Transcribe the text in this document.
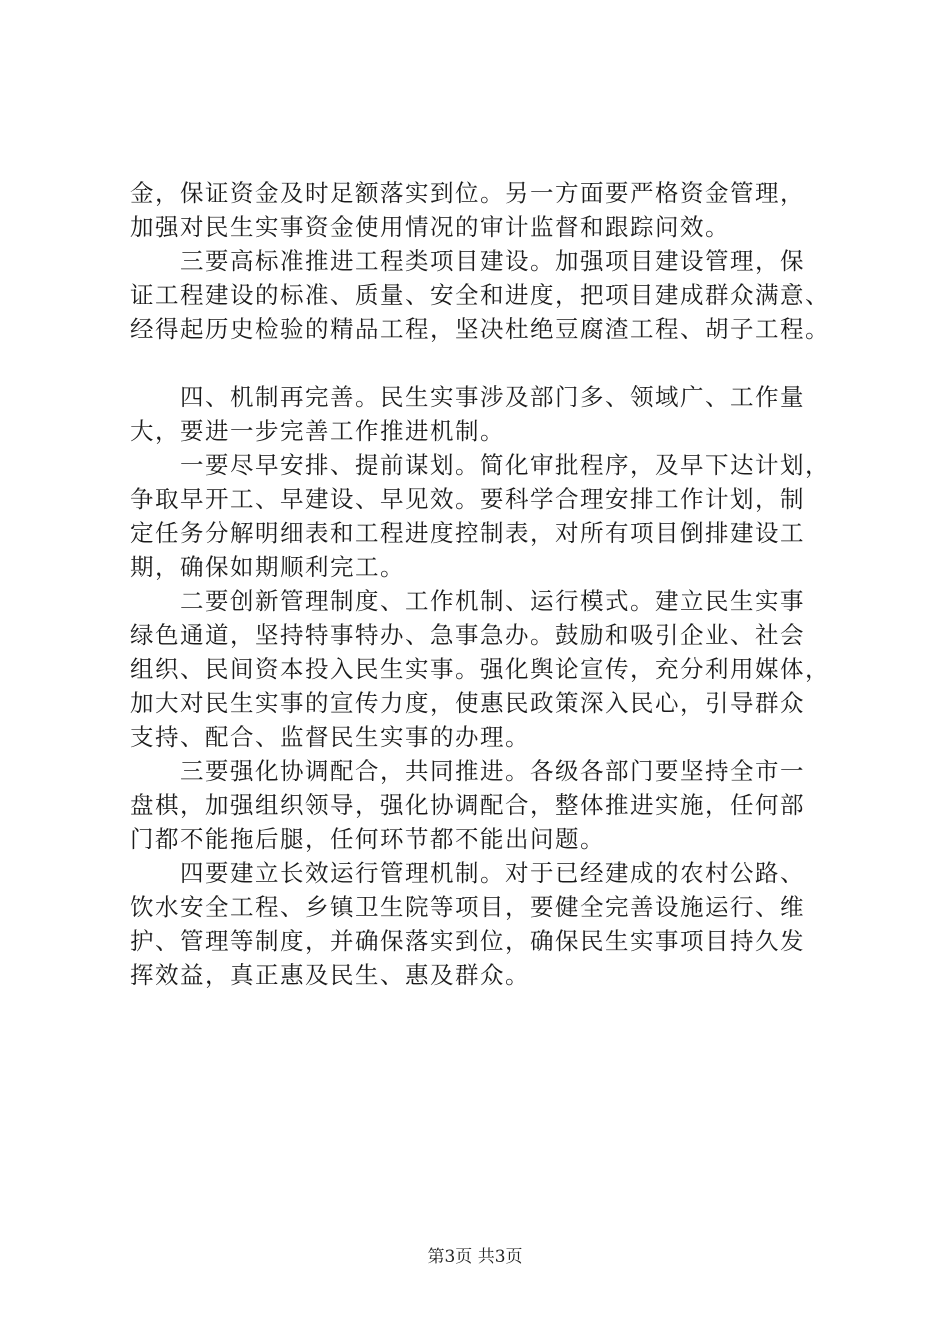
金，保证资金及时足额落实到位。另一方面要严格资金管理，
加强对民生实事资金使用情况的审计监督和跟踪问效。
三要高标准推进工程类项目建设。加强项目建设管理，保
证工程建设的标准、质量、安全和进度，把项目建成群众满意、
经得起历史检验的精品工程，坚决杜绝豆腐渣工程、胡子工程。
四、机制再完善。民生实事涉及部门多、领域广、工作量
大，要进一步完善工作推进机制。
一要尽早安排、提前谋划。简化审批程序，及早下达计划，
争取早开工、早建设、早见效。要科学合理安排工作计划，制
定任务分解明细表和工程进度控制表，对所有项目倒排建设工
期，确保如期顺利完工。
二要创新管理制度、工作机制、运行模式。建立民生实事
绿色通道，坚持特事特办、急事急办。鼓励和吸引企业、社会
组织、民间资本投入民生实事。强化舆论宣传，充分利用媒体，
加大对民生实事的宣传力度，使惠民政策深入民心，引导群众
支持、配合、监督民生实事的办理。
三要强化协调配合，共同推进。各级各部门要坚持全市一
盘棋，加强组织领导，强化协调配合，整体推进实施，任何部
门都不能拖后腿，任何环节都不能出问题。
四要建立长效运行管理机制。对于已经建成的农村公路、
饮水安全工程、乡镇卫生院等项目，要健全完善设施运行、维
护、管理等制度，并确保落实到位，确保民生实事项目持久发
挥效益，真正惠及民生、惠及群众。
第3页 共3页
